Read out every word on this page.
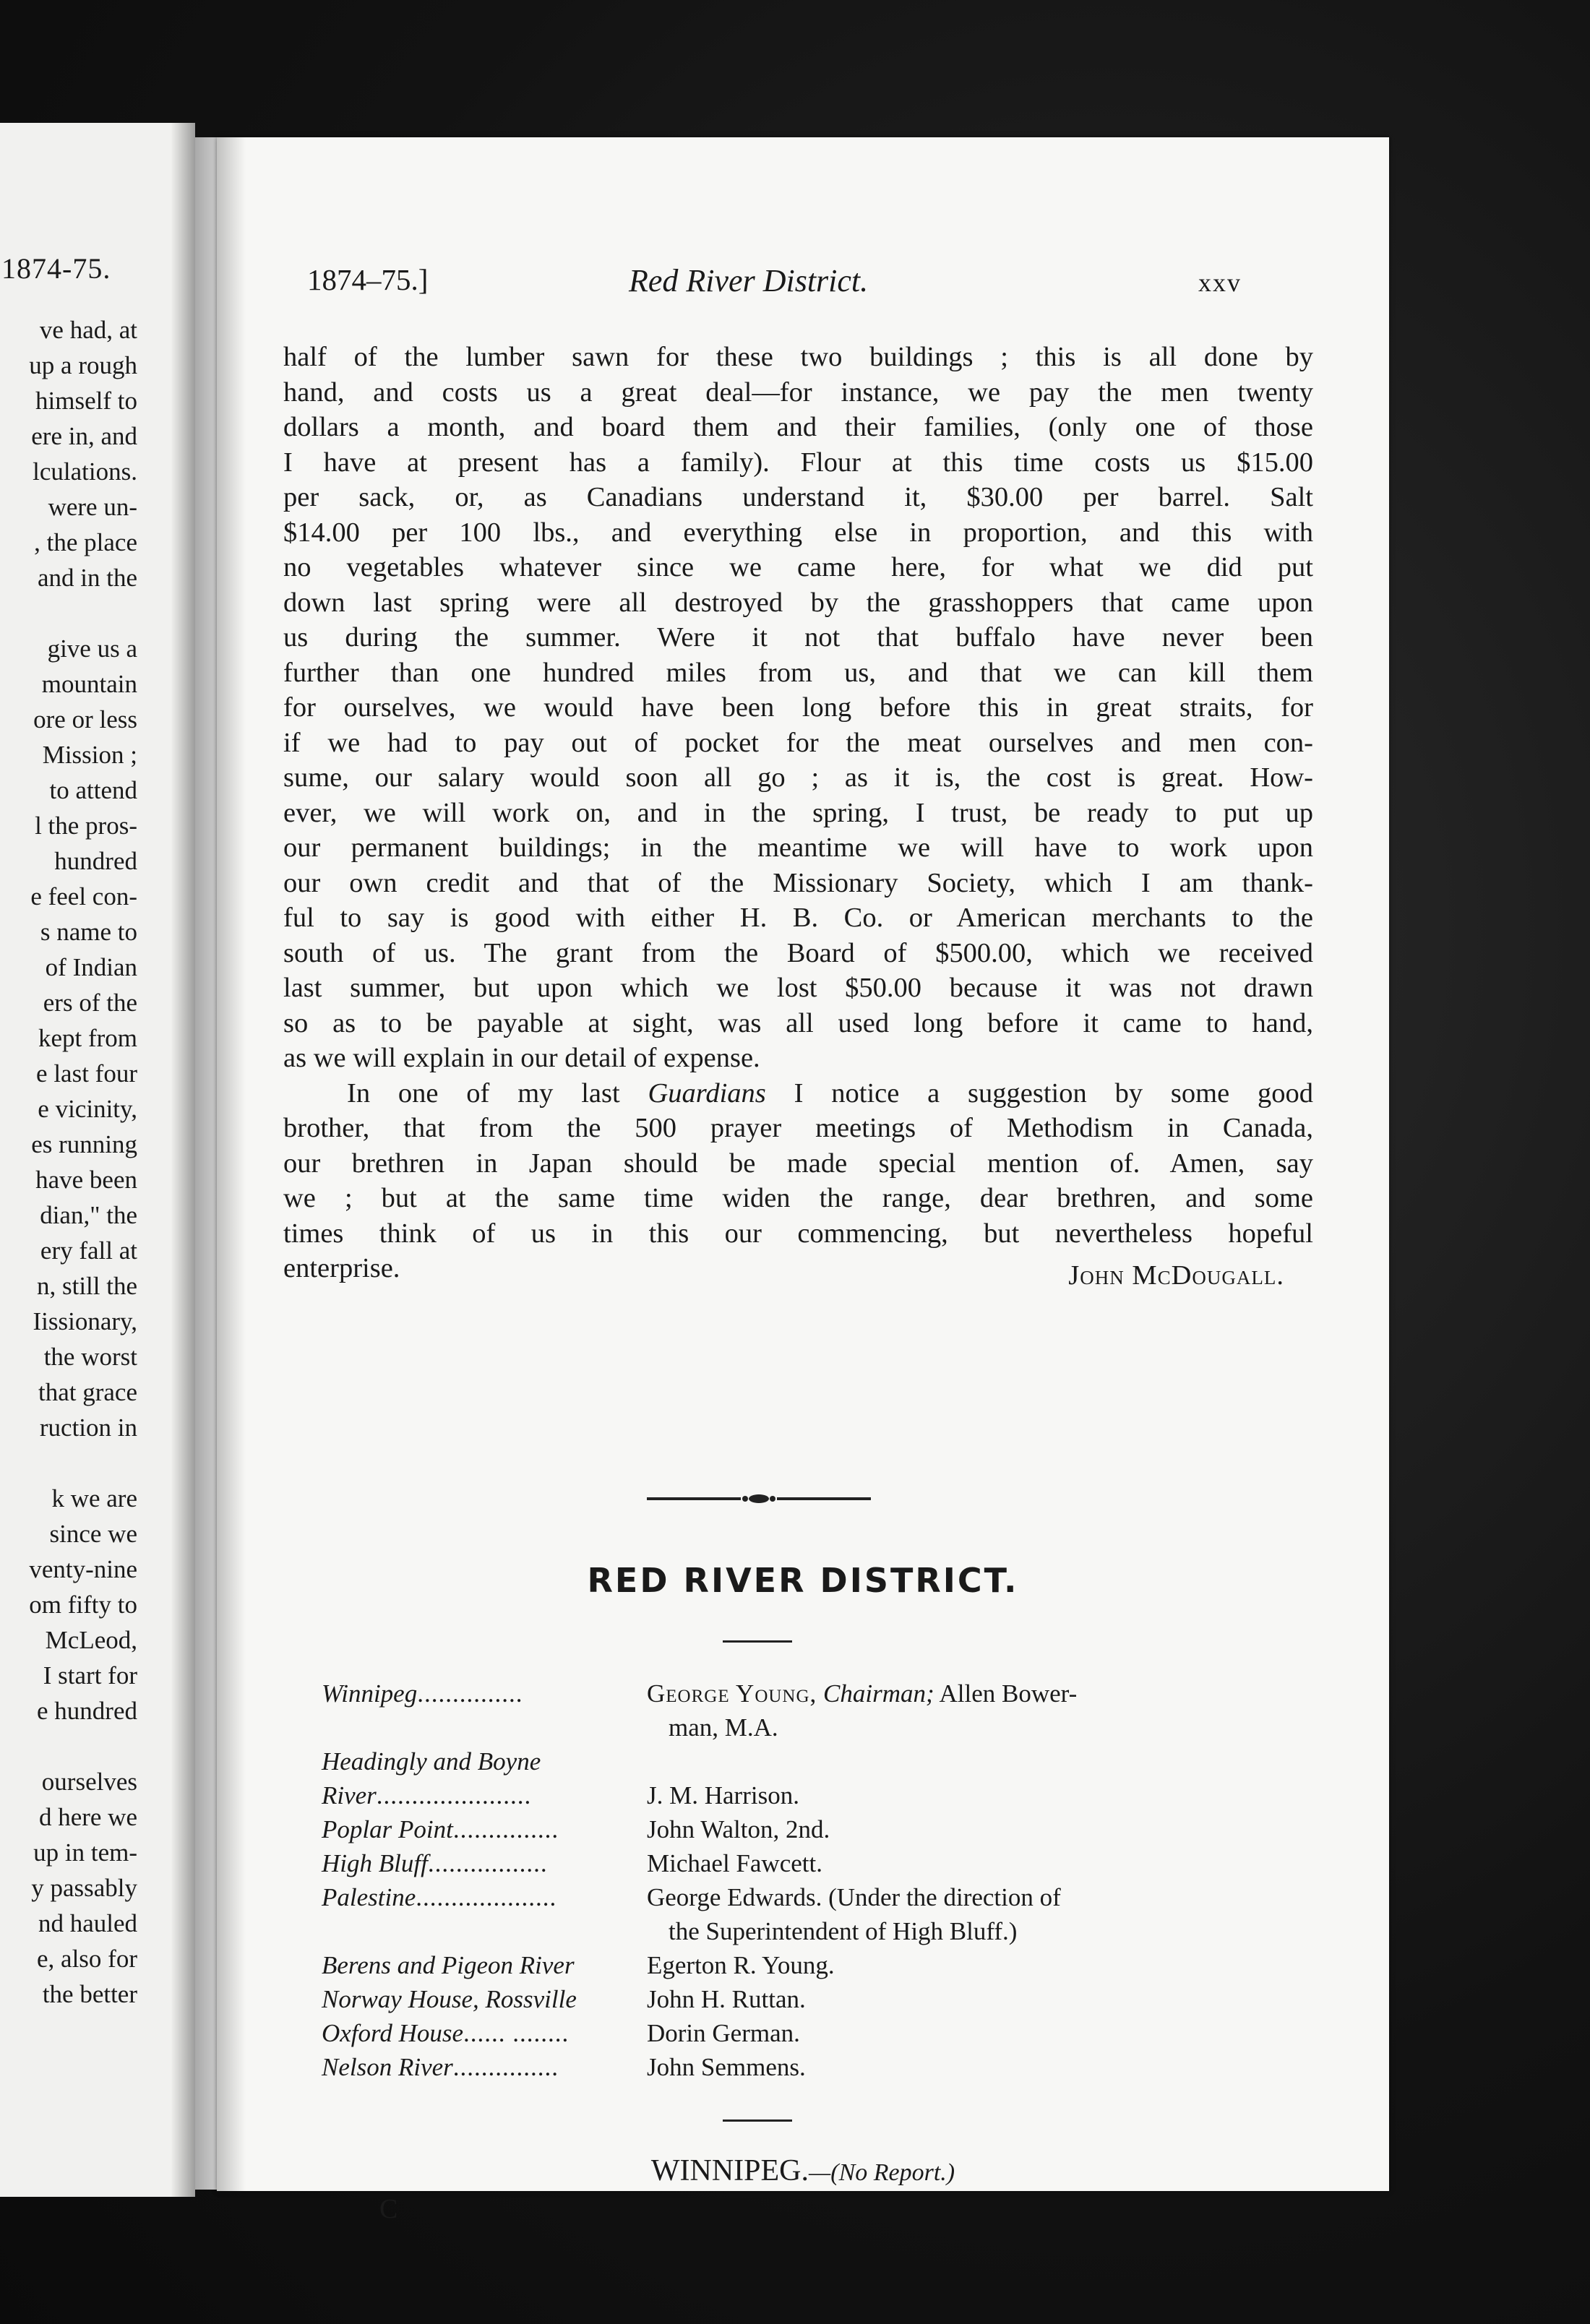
1874-75.
ve had, at
up a rough
himself to
ere in, and
lculations.
were un-
, the place
and in the
give us a
mountain
ore or less
Mission ;
to attend
l the pros-
hundred
e feel con-
s name to
of Indian
ers of the
kept from
e last four
e vicinity,
es running
have been
dian," the
ery fall at
n, still the
Iissionary,
the worst
that grace
ruction in
k we are
since we
venty-nine
om fifty to
McLeod,
I start for
e hundred
ourselves
d here we
up in tem-
y passably
nd hauled
e, also for
the better
1874–75.]	Red River District.	xxv
half of the lumber sawn for these two buildings ; this is all done by
hand, and costs us a great deal—for instance, we pay the men twenty
dollars a month, and board them and their families, (only one of those
I have at present has a family). Flour at this time costs us $15.00
per sack, or, as Canadians understand it, $30.00 per barrel. Salt
$14.00 per 100 lbs., and everything else in proportion, and this with
no vegetables whatever since we came here, for what we did put
down last spring were all destroyed by the grasshoppers that came upon
us during the summer. Were it not that buffalo have never been
further than one hundred miles from us, and that we can kill them
for ourselves, we would have been long before this in great straits, for
if we had to pay out of pocket for the meat ourselves and men con-
sume, our salary would soon all go ; as it is, the cost is great. How-
ever, we will work on, and in the spring, I trust, be ready to put up
our permanent buildings; in the meantime we will have to work upon
our own credit and that of the Missionary Society, which I am thank-
ful to say is good with either H. B. Co. or American merchants to the
south of us. The grant from the Board of $500.00, which we received
last summer, but upon which we lost $50.00 because it was not drawn
so as to be payable at sight, was all used long before it came to hand,
as we will explain in our detail of expense.
In one of my last Guardians I notice a suggestion by some good
brother, that from the 500 prayer meetings of Methodism in Canada,
our brethren in Japan should be made special mention of. Amen, say
we ; but at the same time widen the range, dear brethren, and some
times think of us in this our commencing, but nevertheless hopeful
enterprise.	John McDougall.
RED RIVER DISTRICT.
Winnipeg...............	George Young, Chairman; Allen Bower-
man, M.A.
Headingly and Boyne
River......................	J. M. Harrison.
Poplar Point...............	John Walton, 2nd.
High Bluff.................	Michael Fawcett.
Palestine....................	George Edwards. (Under the direction of
the Superintendent of High Bluff.)
Berens and Pigeon River	Egerton R. Young.
Norway House, Rossville	John H. Ruttan.
Oxford House...... ........	Dorin German.
Nelson River...............	John Semmens.
WINNIPEG.—(No Report.)
C
